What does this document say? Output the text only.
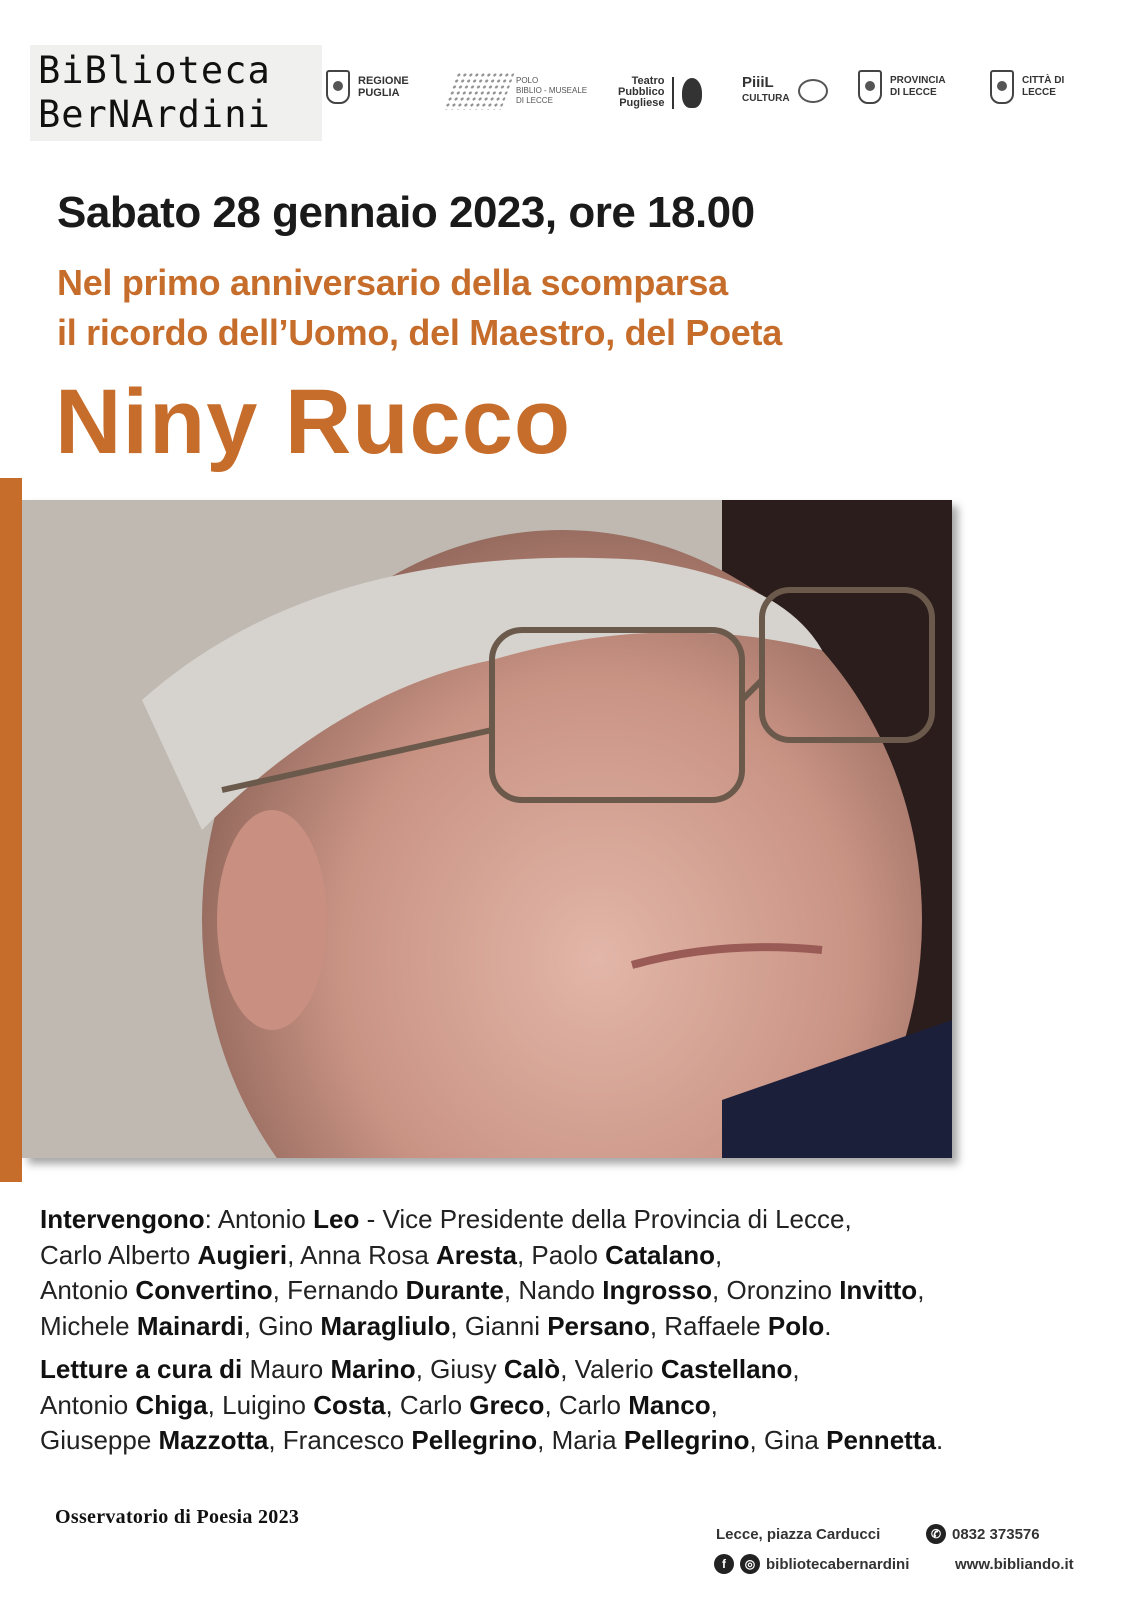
BiBlioteca
BerNArdini
REGIONE
PUGLIA
POLO
BIBLIO - MUSEALE
DI LECCE
Teatro
Pubblico
Pugliese
PiiiL
CULTURA
PROVINCIA
DI LECCE
CITTÀ DI
LECCE
Sabato 28 gennaio 2023, ore 18.00
Nel primo anniversario della scomparsa
il ricordo dell’Uomo, del Maestro, del Poeta
Niny Rucco

Intervengono: Antonio Leo - Vice Presidente della Provincia di Lecce,
Carlo Alberto Augieri, Anna Rosa Aresta, Paolo Catalano,
Antonio Convertino, Fernando Durante, Nando Ingrosso, Oronzino Invitto,
Michele Mainardi, Gino Maragliulo, Gianni Persano, Raffaele Polo.

Letture a cura di Mauro Marino, Giusy Calò, Valerio Castellano,
Antonio Chiga, Luigino Costa, Carlo Greco, Carlo Manco,
Giuseppe Mazzotta, Francesco Pellegrino, Maria Pellegrino, Gina Pennetta.

Osservatorio di Poesia 2023
Lecce, piazza Carducci	✆ 0832 373576
f	◎ bibliotecabernardini	www.bibliando.it
